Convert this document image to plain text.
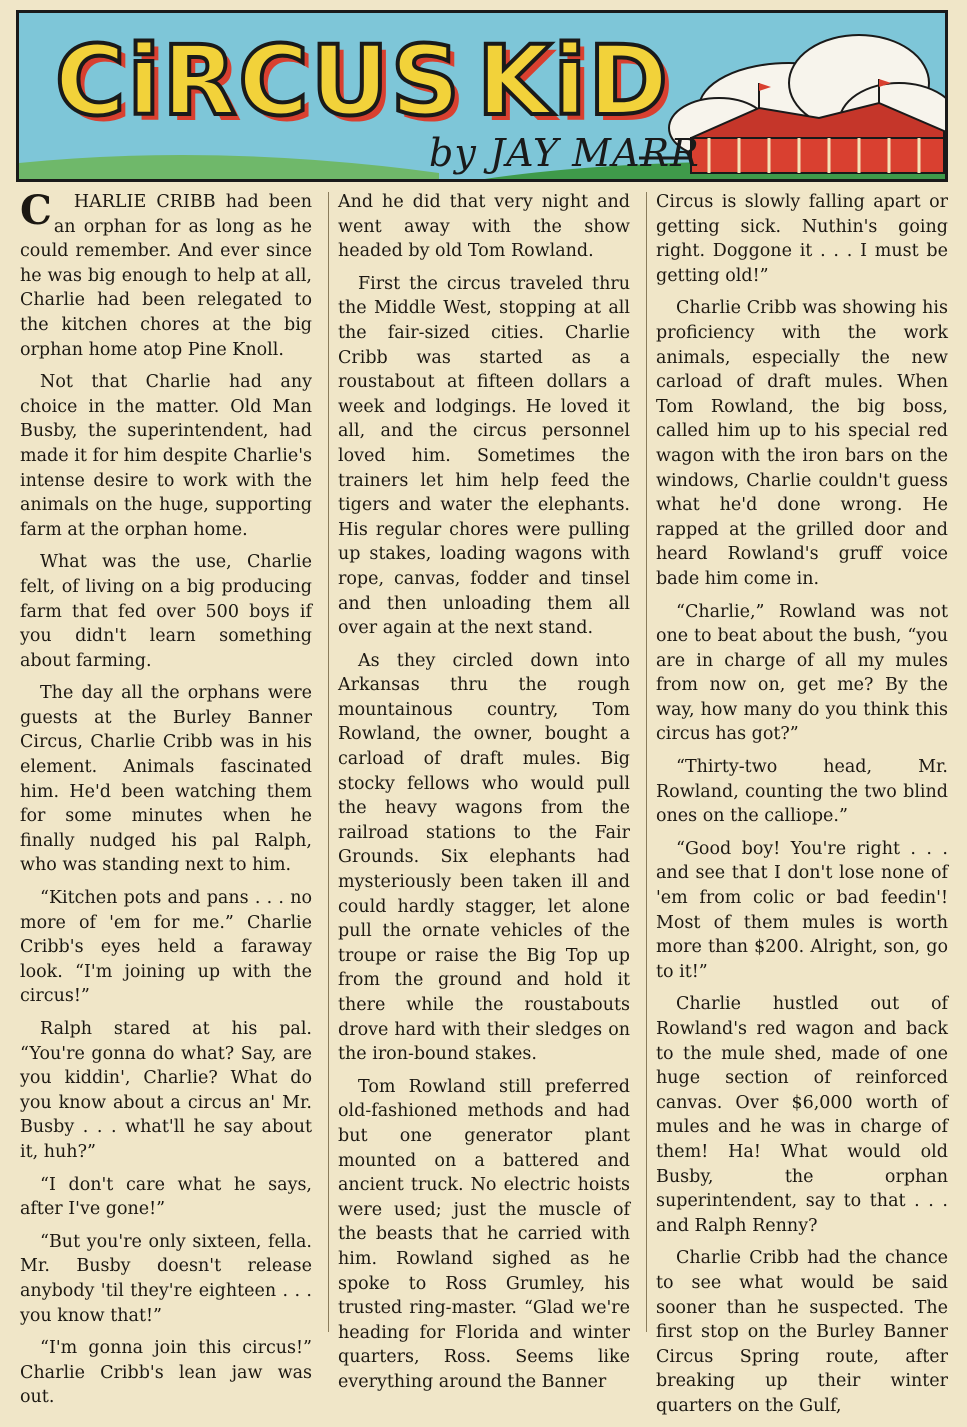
CiRCUS KiD
by JAY MARR

C HARLIE CRIBB had been an orphan for as long as he could remember. And ever since he was big enough to help at all, Charlie had been relegated to the kitchen chores at the big orphan home atop Pine Knoll.

Not that Charlie had any choice in the matter. Old Man Busby, the superintendent, had made it for him despite Charlie's intense desire to work with the animals on the huge, supporting farm at the orphan home.

What was the use, Charlie felt, of living on a big producing farm that fed over 500 boys if you didn't learn something about farming.

The day all the orphans were guests at the Burley Banner Circus, Charlie Cribb was in his element. Animals fascinated him. He'd been watching them for some minutes when he finally nudged his pal Ralph, who was standing next to him.

“Kitchen pots and pans . . . no more of 'em for me.” Charlie Cribb's eyes held a faraway look. “I'm joining up with the circus!”

Ralph stared at his pal. “You're gonna do what? Say, are you kiddin', Charlie? What do you know about a circus an' Mr. Busby . . . what'll he say about it, huh?”

“I don't care what he says, after I've gone!”

“But you're only sixteen, fella. Mr. Busby doesn't release anybody 'til they're eighteen . . . you know that!”

“I'm gonna join this circus!” Charlie Cribb's lean jaw was out.

And he did that very night and went away with the show headed by old Tom Rowland.

First the circus traveled thru the Middle West, stopping at all the fair-sized cities. Charlie Cribb was started as a roustabout at fifteen dollars a week and lodgings. He loved it all, and the circus personnel loved him. Sometimes the trainers let him help feed the tigers and water the elephants. His regular chores were pulling up stakes, loading wagons with rope, canvas, fodder and tinsel and then unloading them all over again at the next stand.

As they circled down into Arkansas thru the rough mountainous country, Tom Rowland, the owner, bought a carload of draft mules. Big stocky fellows who would pull the heavy wagons from the railroad stations to the Fair Grounds. Six elephants had mysteriously been taken ill and could hardly stagger, let alone pull the ornate vehicles of the troupe or raise the Big Top up from the ground and hold it there while the roustabouts drove hard with their sledges on the iron-bound stakes.

Tom Rowland still preferred old-fashioned methods and had but one generator plant mounted on a battered and ancient truck. No electric hoists were used; just the muscle of the beasts that he carried with him. Rowland sighed as he spoke to Ross Grumley, his trusted ring-master. “Glad we're heading for Florida and winter quarters, Ross. Seems like everything around the Banner

Circus is slowly falling apart or getting sick. Nuthin's going right. Doggone it . . . I must be getting old!”

Charlie Cribb was showing his proficiency with the work animals, especially the new carload of draft mules. When Tom Rowland, the big boss, called him up to his special red wagon with the iron bars on the windows, Charlie couldn't guess what he'd done wrong. He rapped at the grilled door and heard Rowland's gruff voice bade him come in.

“Charlie,” Rowland was not one to beat about the bush, “you are in charge of all my mules from now on, get me? By the way, how many do you think this circus has got?”

“Thirty-two head, Mr. Rowland, counting the two blind ones on the calliope.”

“Good boy! You're right . . . and see that I don't lose none of 'em from colic or bad feedin'! Most of them mules is worth more than $200. Alright, son, go to it!”

Charlie hustled out of Rowland's red wagon and back to the mule shed, made of one huge section of reinforced canvas. Over $6,000 worth of mules and he was in charge of them! Ha! What would old Busby, the orphan superintendent, say to that . . . and Ralph Renny?

Charlie Cribb had the chance to see what would be said sooner than he suspected. The first stop on the Burley Banner Circus Spring route, after breaking up their winter quarters on the Gulf,
